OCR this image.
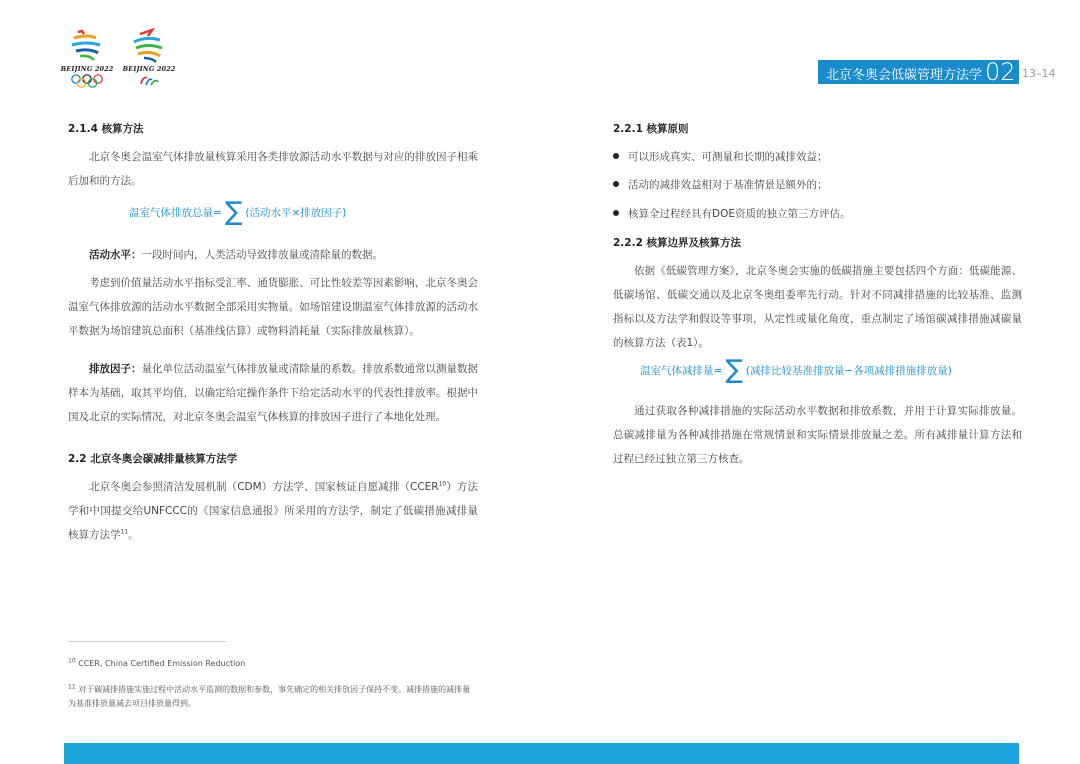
BEIJING 2022 BEIJING 2022	北京冬奥会低碳管理方法学 02 13–14
2.1.4 核算方法
北京冬奥会温室气体排放量核算采用各类排放源活动水平数据与对应的排放因子相乘后加和的方法。
温室气体排放总量= ∑ (活动水平×排放因子)
活动水平：一段时间内，人类活动导致排放量或清除量的数据。
考虑到价值量活动水平指标受汇率、通货膨胀、可比性较差等因素影响，北京冬奥会温室气体排放源的活动水平数据全部采用实物量。如场馆建设期温室气体排放源的活动水平数据为场馆建筑总面积（基准线估算）或物料消耗量（实际排放量核算）。
排放因子：量化单位活动温室气体排放量或清除量的系数。排放系数通常以测量数据样本为基础，取其平均值，以确定给定操作条件下给定活动水平的代表性排放率。根据中国及北京的实际情况，对北京冬奥会温室气体核算的排放因子进行了本地化处理。
2.2 北京冬奥会碳减排量核算方法学
北京冬奥会参照清洁发展机制（CDM）方法学、国家核证自愿减排（CCER$^{10}$）方法学和中国提交给UNFCCC的《国家信息通报》所采用的方法学，制定了低碳措施减排量核算方法学$^{11}$。
$^{10}$ CCER, China Certified Emission Reduction
$^{11}$ 对于碳减排措施实施过程中活动水平监测的数据和参数，事先确定的相关排放因子保持不变。减排措施的减排量为基准排放量减去项目排放量得到。
2.2.1 核算原则
可以形成真实、可测量和长期的减排效益；
活动的减排效益相对于基准情景是额外的；
核算全过程经具有DOE资质的独立第三方评估。
2.2.2 核算边界及核算方法
依据《低碳管理方案》，北京冬奥会实施的低碳措施主要包括四个方面：低碳能源、低碳场馆、低碳交通以及北京冬奥组委率先行动。针对不同减排措施的比较基准、监测指标以及方法学和假设等事项，从定性或量化角度，重点制定了场馆碳减排措施减碳量的核算方法（表1）。
温室气体减排量= ∑ (减排比较基准排放量−各项减排措施排放量)
通过获取各种减排措施的实际活动水平数据和排放系数，并用于计算实际排放量。总碳减排量为各种减排措施在常规情景和实际情景排放量之差。所有减排量计算方法和过程已经过独立第三方核查。
